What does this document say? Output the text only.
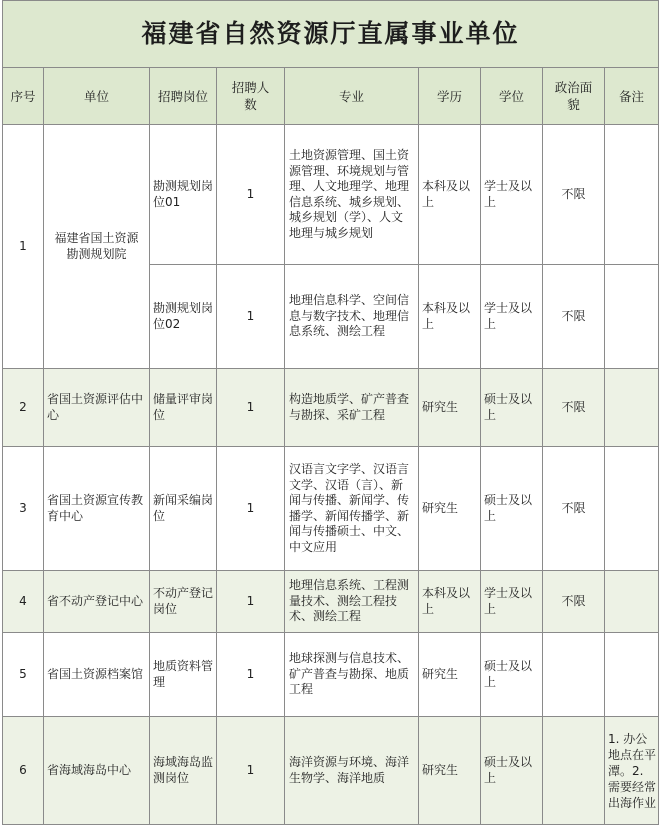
福建省自然资源厅直属事业单位								
序号	单位	招聘岗位	招聘人数	专业	学历	学位	政治面貌	备注
1	福建省国土资源勘测规划院	勘测规划岗位01	1	土地资源管理、国土资源管理、环境规划与管理、人文地理学、地理信息系统、城乡规划、城乡规划（学）、人文地理与城乡规划	本科及以上	学士及以上	不限	
		勘测规划岗位02	1	地理信息科学、空间信息与数字技术、地理信息系统、测绘工程	本科及以上	学士及以上	不限	
2	省国土资源评估中心	储量评审岗位	1	构造地质学、矿产普查与勘探、采矿工程	研究生	硕士及以上	不限	
3	省国土资源宣传教育中心	新闻采编岗位	1	汉语言文字学、汉语言文学、汉语（言）、新闻与传播、新闻学、传播学、新闻传播学、新闻与传播硕士、中文、中文应用	研究生	硕士及以上	不限	
4	省不动产登记中心	不动产登记岗位	1	地理信息系统、工程测量技术、测绘工程技术、测绘工程	本科及以上	学士及以上	不限	
5	省国土资源档案馆	地质资料管理	1	地球探测与信息技术、矿产普查与勘探、地质工程	研究生	硕士及以上		
6	省海域海岛中心	海域海岛监测岗位	1	海洋资源与环境、海洋生物学、海洋地质	研究生	硕士及以上		1. 办公地点在平潭。2. 需要经常出海作业
